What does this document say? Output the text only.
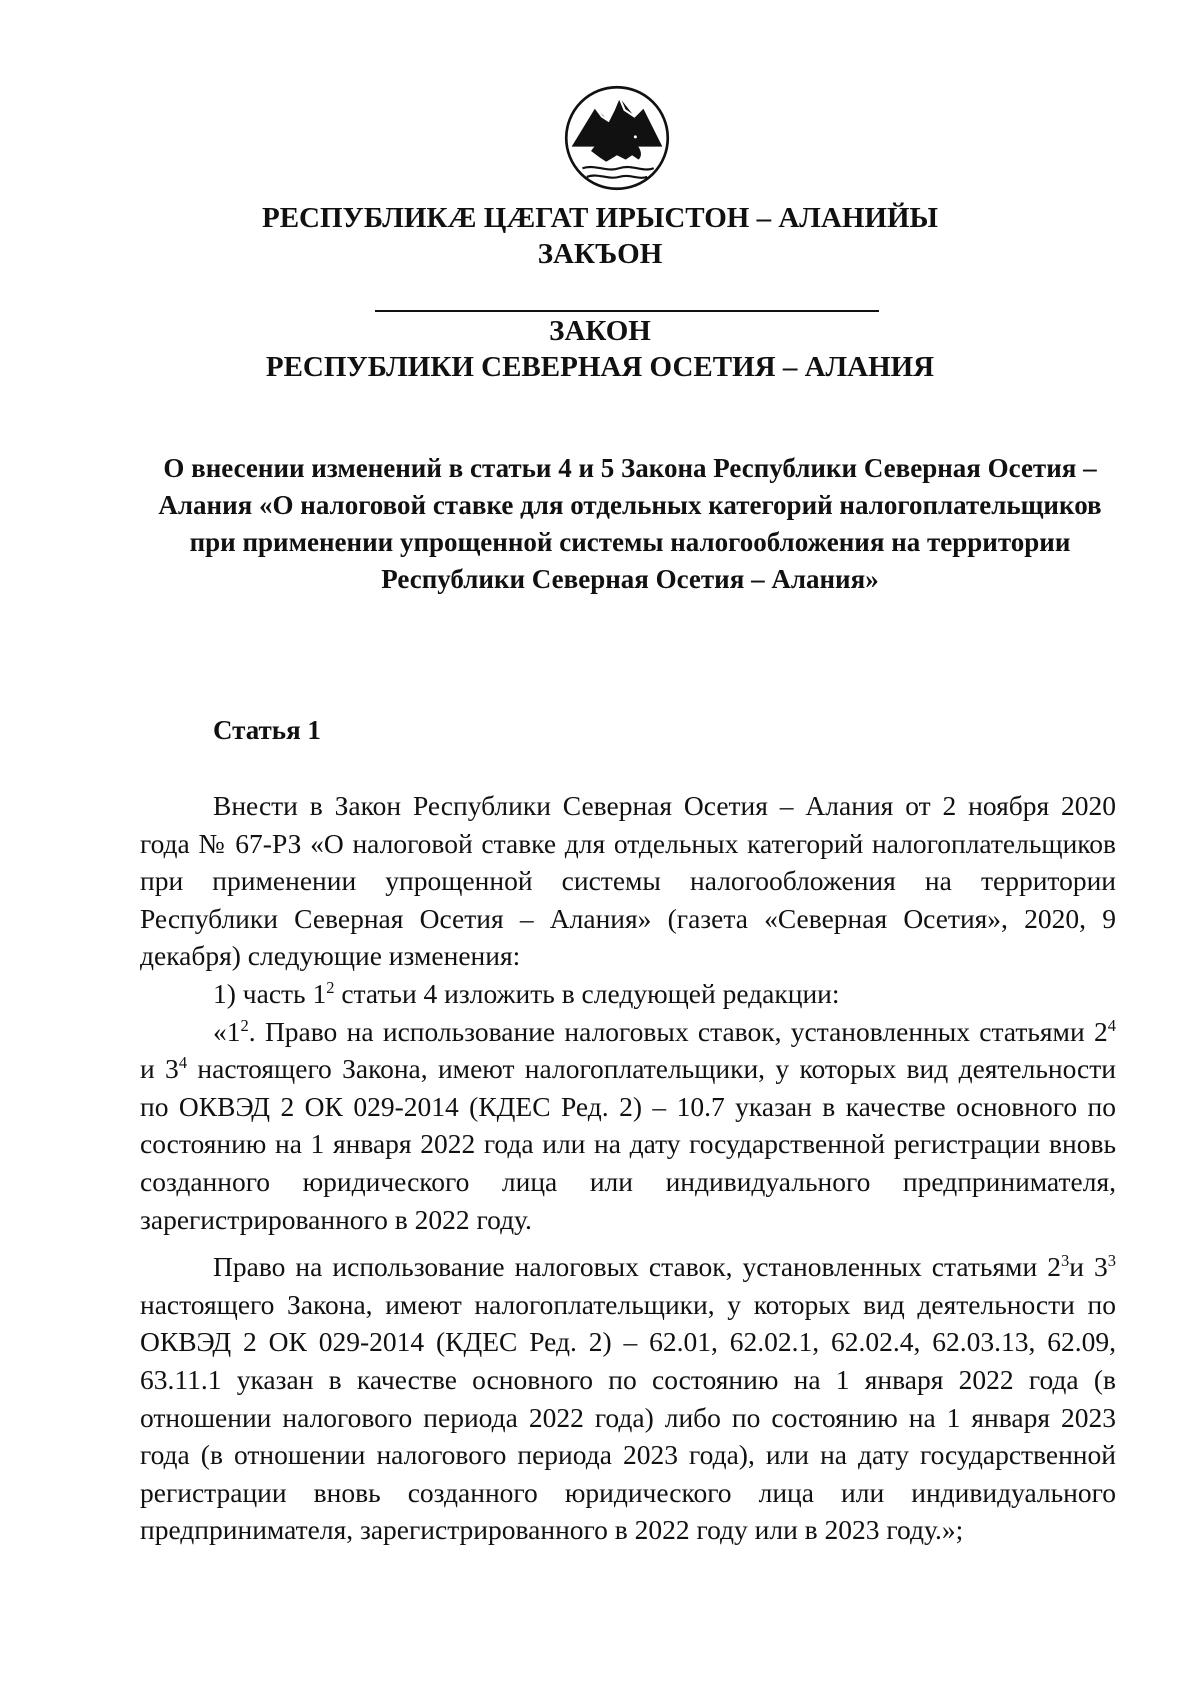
РЕСПУБЛИКӔ ЦӔГАТ ИРЫСТОН – АЛАНИЙЫ
ЗАКЪОН
ЗАКОН
РЕСПУБЛИКИ СЕВЕРНАЯ ОСЕТИЯ – АЛАНИЯ
О внесении изменений в статьи 4 и 5 Закона Республики Северная Осетия – Алания «О налоговой ставке для отдельных категорий налогоплательщиков при применении упрощенной системы налогообложения на территории Республики Северная Осетия – Алания»
Статья 1

Внести в Закон Республики Северная Осетия – Алания от 2 ноября 2020 года № 67-РЗ «О налоговой ставке для отдельных категорий налогоплательщиков при применении упрощенной системы налогообложения на территории Республики Северная Осетия – Алания» (газета «Северная Осетия», 2020, 9 декабря) следующие изменения:

1) часть $1^2$ статьи 4 изложить в следующей редакции:

«$1^2$. Право на использование налоговых ставок, установленных статьями $2^4$ и $3^4$ настоящего Закона, имеют налогоплательщики, у которых вид деятельности по ОКВЭД 2 ОК 029-2014 (КДЕС Ред. 2) – 10.7 указан в качестве основного по состоянию на 1 января 2022 года или на дату государственной регистрации вновь созданного юридического лица или индивидуального предпринимателя, зарегистрированного в 2022 году.

Право на использование налоговых ставок, установленных статьями $2^3и$ $3^3$ настоящего Закона, имеют налогоплательщики, у которых вид деятельности по ОКВЭД 2 ОК 029-2014 (КДЕС Ред. 2) – 62.01, 62.02.1, 62.02.4, 62.03.13, 62.09, 63.11.1 указан в качестве основного по состоянию на 1 января 2022 года (в отношении налогового периода 2022 года) либо по состоянию на 1 января 2023 года (в отношении налогового периода 2023 года), или на дату государственной регистрации вновь созданного юридического лица или индивидуального предпринимателя, зарегистрированного в 2022 году или в 2023 году.»;
